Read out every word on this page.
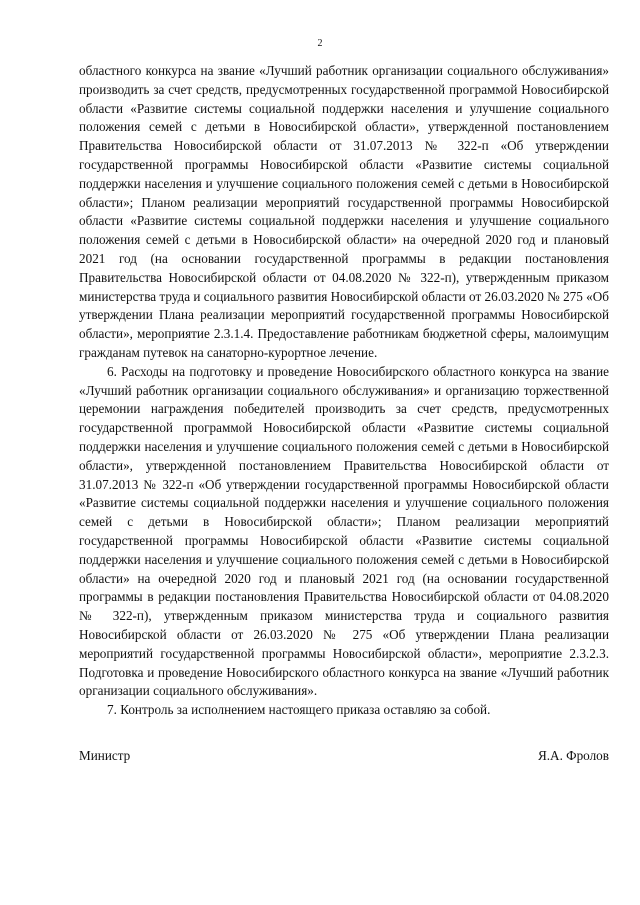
2

областного конкурса на звание «Лучший работник организации социального обслуживания» производить за счет средств, предусмотренных государственной программой Новосибирской области «Развитие системы социальной поддержки населения и улучшение социального положения семей с детьми в Новосибирской области», утвержденной постановлением Правительства Новосибирской области от 31.07.2013 № 322-п «Об утверждении государственной программы Новосибирской области «Развитие системы социальной поддержки населения и улучшение социального положения семей с детьми в Новосибирской области»; Планом реализации мероприятий государственной программы Новосибирской области «Развитие системы социальной поддержки населения и улучшение социального положения семей с детьми в Новосибирской области» на очередной 2020 год и плановый 2021 год (на основании государственной программы в редакции постановления Правительства Новосибирской области от 04.08.2020 № 322-п), утвержденным приказом министерства труда и социального развития Новосибирской области от 26.03.2020 № 275 «Об утверждении Плана реализации мероприятий государственной программы Новосибирской области», мероприятие 2.3.1.4. Предоставление работникам бюджетной сферы, малоимущим гражданам путевок на санаторно-курортное лечение.

6. Расходы на подготовку и проведение Новосибирского областного конкурса на звание «Лучший работник организации социального обслуживания» и организацию торжественной церемонии награждения победителей производить за счет средств, предусмотренных государственной программой Новосибирской области «Развитие системы социальной поддержки населения и улучшение социального положения семей с детьми в Новосибирской области», утвержденной постановлением Правительства Новосибирской области от 31.07.2013 № 322-п «Об утверждении государственной программы Новосибирской области «Развитие системы социальной поддержки населения и улучшение социального положения семей с детьми в Новосибирской области»; Планом реализации мероприятий государственной программы Новосибирской области «Развитие системы социальной поддержки населения и улучшение социального положения семей с детьми в Новосибирской области» на очередной 2020 год и плановый 2021 год (на основании государственной программы в редакции постановления Правительства Новосибирской области от 04.08.2020 № 322-п), утвержденным приказом министерства труда и социального развития Новосибирской области от 26.03.2020 № 275 «Об утверждении Плана реализации мероприятий государственной программы Новосибирской области», мероприятие 2.3.2.3. Подготовка и проведение Новосибирского областного конкурса на звание «Лучший работник организации социального обслуживания».

7. Контроль за исполнением настоящего приказа оставляю за собой.

Министр	Я.А. Фролов
